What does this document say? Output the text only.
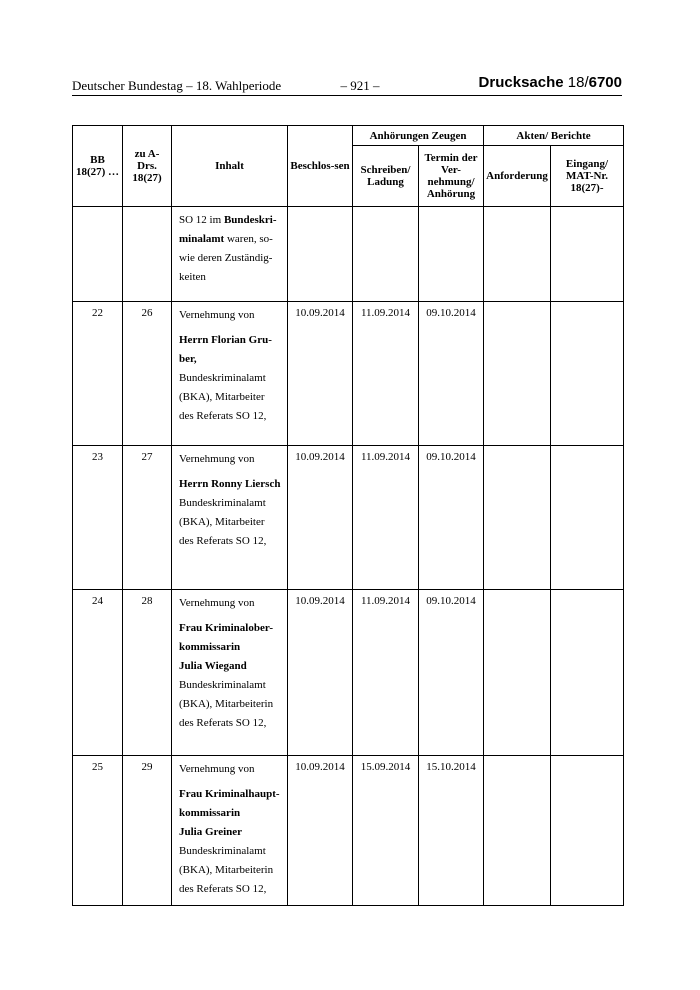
Deutscher Bundestag – 18. Wahlperiode	– 921 –	Drucksache 18/6700
BB 18(27) …	zu A-Drs. 18(27)	Inhalt	Beschlos-sen	Anhörungen Zeugen		Akten/ Berichte	
				Schreiben/ Ladung	Termin der Ver-nehmung/ Anhörung	Anforderung	Eingang/ MAT-Nr. 18(27)-
		SO 12 im Bundeskri-minalamt waren, so-wie deren Zuständig-keiten					
22	26	Vernehmung von

Herrn Florian Gru-ber,

Bundeskriminalamt (BKA), Mitarbeiter des Referats SO 12,	10.09.2014	11.09.2014	09.10.2014		
23	27	Vernehmung von

Herrn Ronny Liersch

Bundeskriminalamt (BKA), Mitarbeiter des Referats SO 12,	10.09.2014	11.09.2014	09.10.2014		
24	28	Vernehmung von

Frau Kriminalober-kommissarin

Julia Wiegand

Bundeskriminalamt (BKA), Mitarbeiterin des Referats SO 12,	10.09.2014	11.09.2014	09.10.2014		
25	29	Vernehmung von

Frau Kriminalhaupt-kommissarin

Julia Greiner

Bundeskriminalamt (BKA), Mitarbeiterin des Referats SO 12,	10.09.2014	15.09.2014	15.10.2014		
